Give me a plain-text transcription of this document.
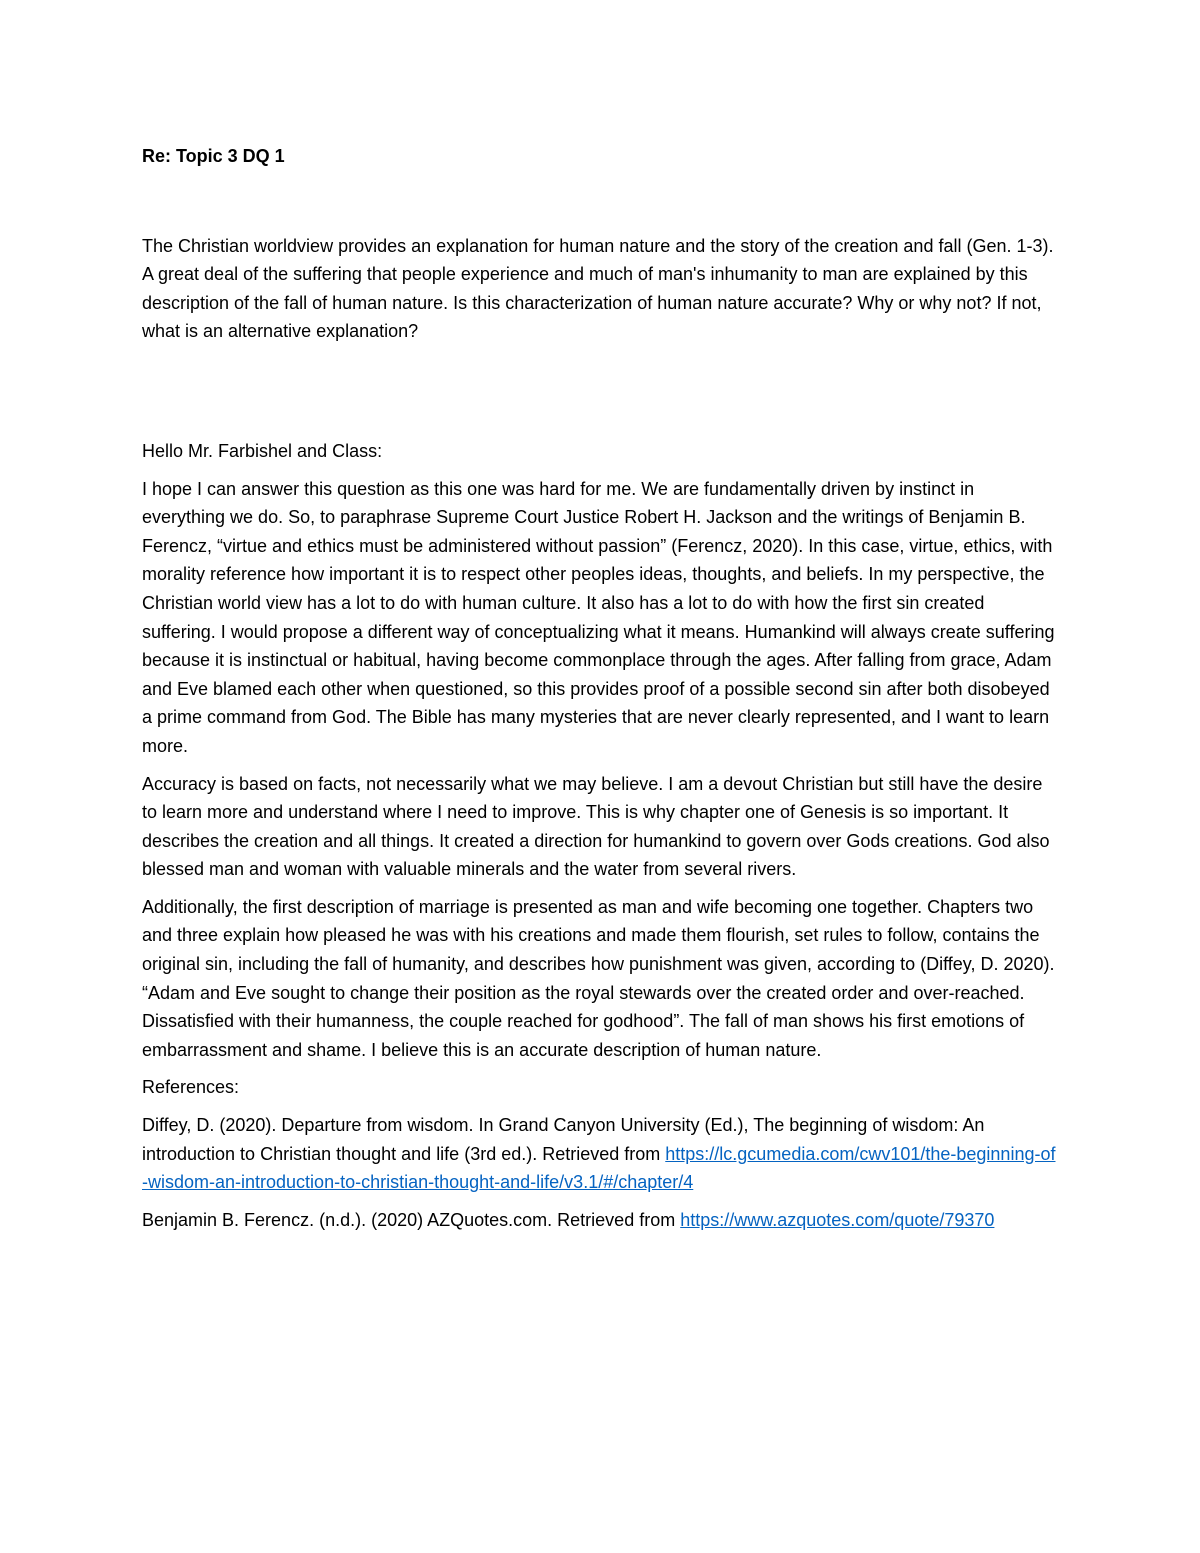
Re: Topic 3 DQ 1

The Christian worldview provides an explanation for human nature and the story of the creation and fall (Gen. 1-3). A great deal of the suffering that people experience and much of man's inhumanity to man are explained by this description of the fall of human nature. Is this characterization of human nature accurate? Why or why not? If not, what is an alternative explanation?

Hello Mr. Farbishel and Class:

I hope I can answer this question as this one was hard for me. We are fundamentally driven by instinct in everything we do. So, to paraphrase Supreme Court Justice Robert H. Jackson and the writings of Benjamin B. Ferencz, “virtue and ethics must be administered without passion” (Ferencz, 2020). In this case, virtue, ethics, with morality reference how important it is to respect other peoples ideas, thoughts, and beliefs. In my perspective, the Christian world view has a lot to do with human culture. It also has a lot to do with how the first sin created suffering. I would propose a different way of conceptualizing what it means. Humankind will always create suffering because it is instinctual or habitual, having become commonplace through the ages. After falling from grace, Adam and Eve blamed each other when questioned, so this provides proof of a possible second sin after both disobeyed a prime command from God. The Bible has many mysteries that are never clearly represented, and I want to learn more.

Accuracy is based on facts, not necessarily what we may believe. I am a devout Christian but still have the desire to learn more and understand where I need to improve. This is why chapter one of Genesis is so important. It describes the creation and all things. It created a direction for humankind to govern over Gods creations. God also blessed man and woman with valuable minerals and the water from several rivers.

Additionally, the first description of marriage is presented as man and wife becoming one together. Chapters two and three explain how pleased he was with his creations and made them flourish, set rules to follow, contains the original sin, including the fall of humanity, and describes how punishment was given, according to (Diffey, D. 2020). “Adam and Eve sought to change their position as the royal stewards over the created order and over-reached. Dissatisfied with their humanness, the couple reached for godhood”. The fall of man shows his first emotions of embarrassment and shame. I believe this is an accurate description of human nature.

References:

Diffey, D. (2020). Departure from wisdom. In Grand Canyon University (Ed.), The beginning of wisdom: An introduction to Christian thought and life (3rd ed.). Retrieved from https://lc.gcumedia.com/cwv101/the-beginning-of-wisdom-an-introduction-to-christian-thought-and-life/v3.1/#/chapter/4

Benjamin B. Ferencz. (n.d.). (2020) AZQuotes.com. Retrieved from https://www.azquotes.com/quote/79370
